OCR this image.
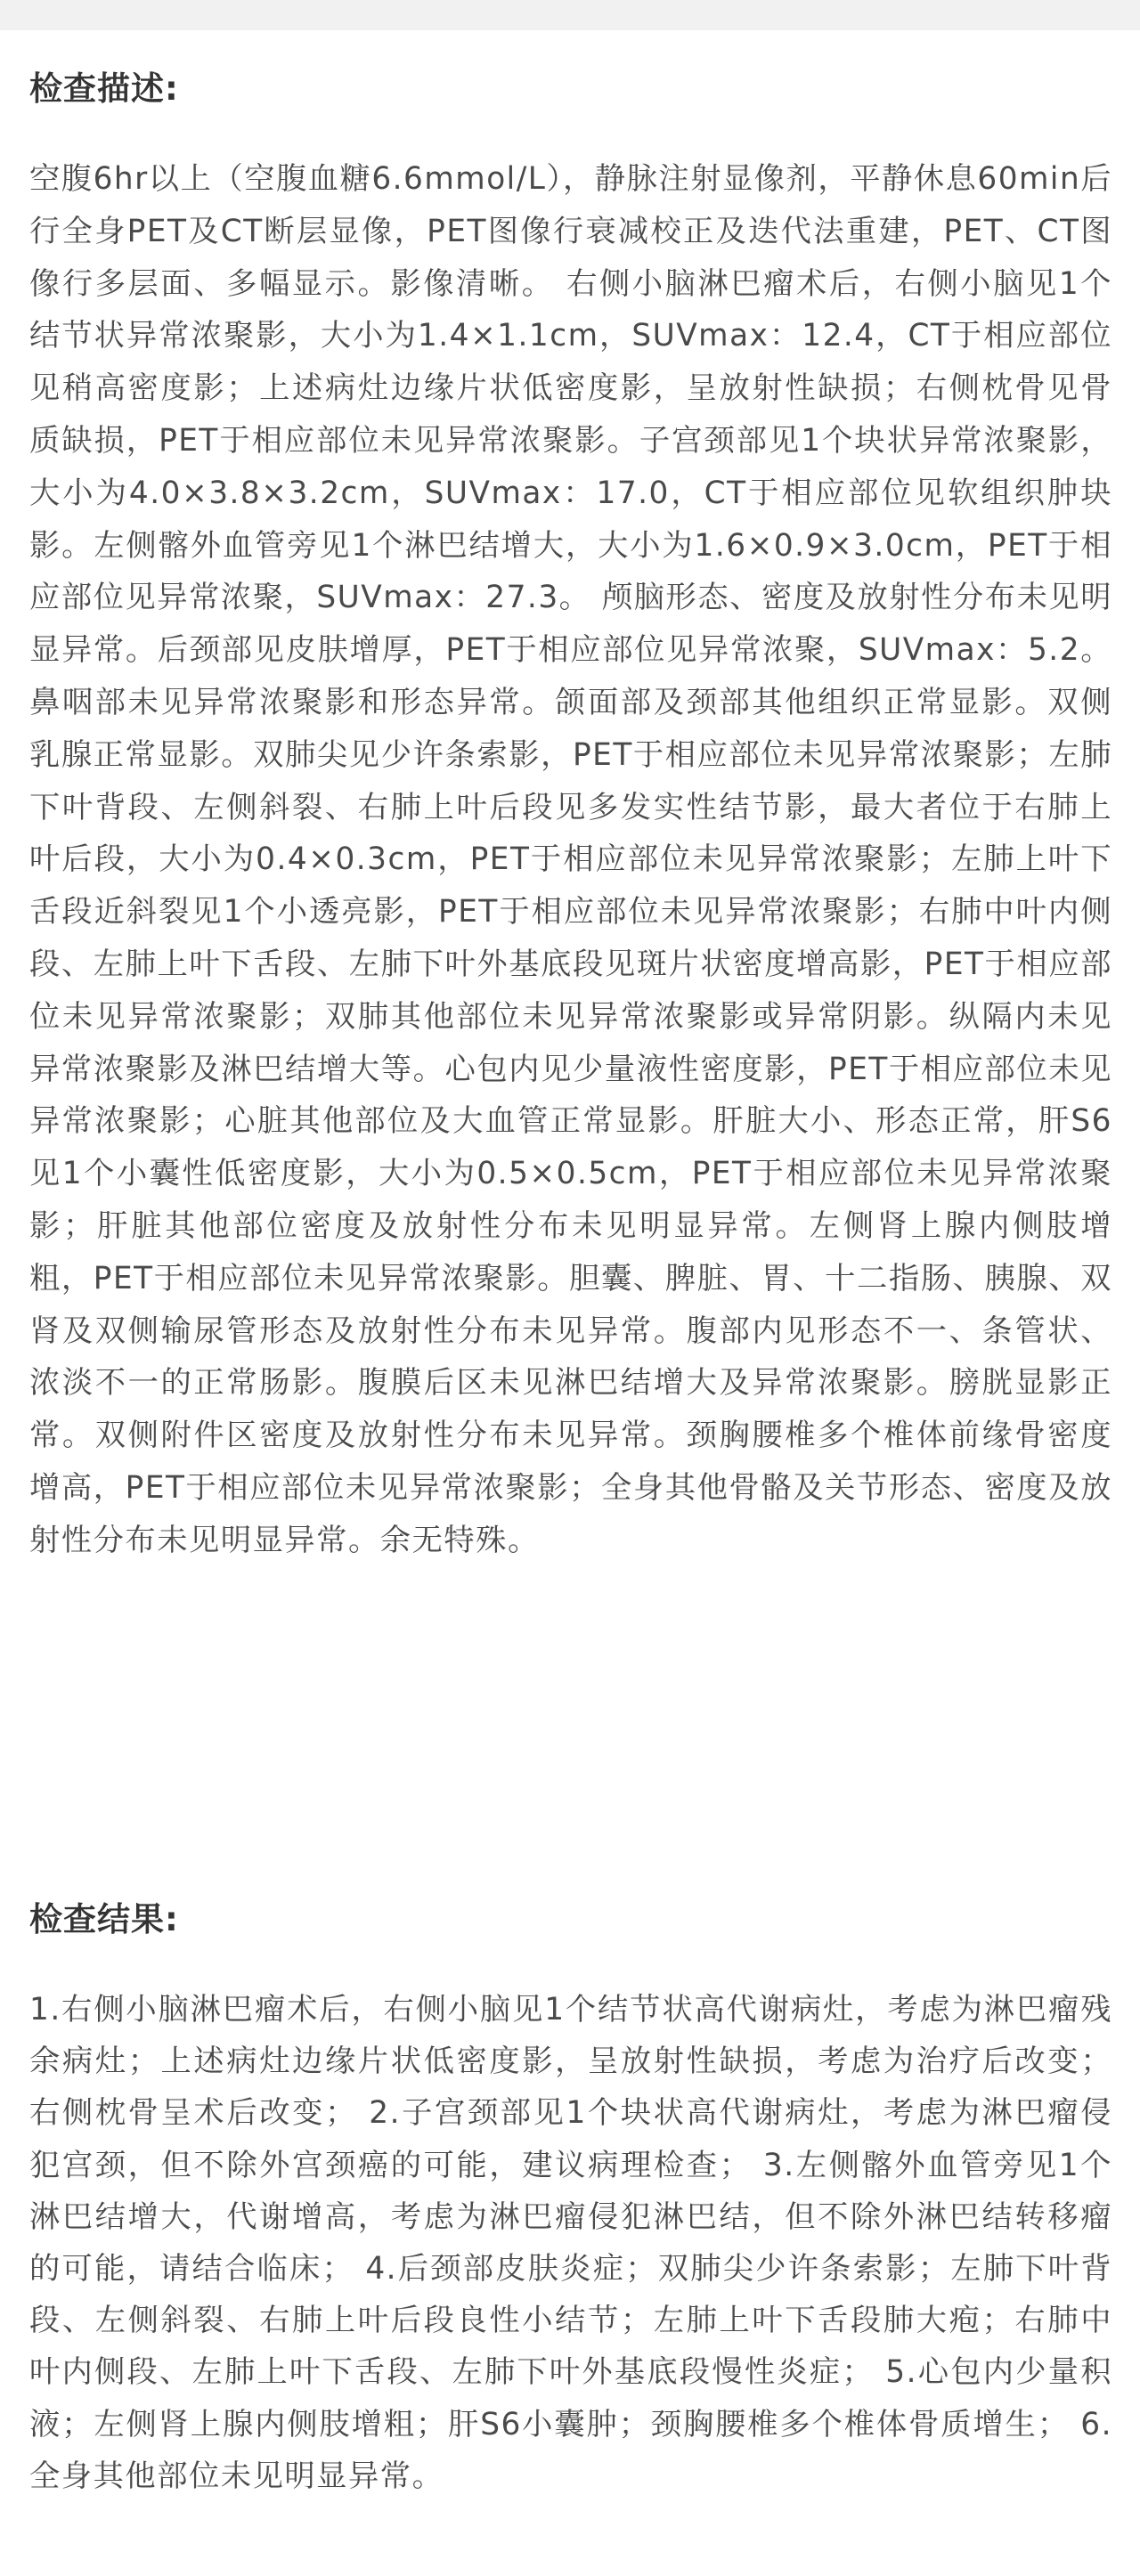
检查描述:

空腹6hr以上（空腹血糖6.6mmol/L），静脉注射显像剂，平静休息60min后行全身PET及CT断层显像，PET图像行衰减校正及迭代法重建，PET、CT图像行多层面、多幅显示。影像清晰。 右侧小脑淋巴瘤术后，右侧小脑见1个结节状异常浓聚影，大小为1.4×1.1cm，SUVmax：12.4，CT于相应部位见稍高密度影；上述病灶边缘片状低密度影，呈放射性缺损；右侧枕骨见骨质缺损，PET于相应部位未见异常浓聚影。子宫颈部见1个块状异常浓聚影，大小为4.0×3.8×3.2cm，SUVmax：17.0，CT于相应部位见软组织肿块影。左侧髂外血管旁见1个淋巴结增大，大小为1.6×0.9×3.0cm，PET于相应部位见异常浓聚，SUVmax：27.3。 颅脑形态、密度及放射性分布未见明显异常。后颈部见皮肤增厚，PET于相应部位见异常浓聚，SUVmax：5.2。鼻咽部未见异常浓聚影和形态异常。颌面部及颈部其他组织正常显影。双侧乳腺正常显影。双肺尖见少许条索影，PET于相应部位未见异常浓聚影；左肺下叶背段、左侧斜裂、右肺上叶后段见多发实性结节影，最大者位于右肺上叶后段，大小为0.4×0.3cm，PET于相应部位未见异常浓聚影；左肺上叶下舌段近斜裂见1个小透亮影，PET于相应部位未见异常浓聚影；右肺中叶内侧段、左肺上叶下舌段、左肺下叶外基底段见斑片状密度增高影，PET于相应部位未见异常浓聚影；双肺其他部位未见异常浓聚影或异常阴影。纵隔内未见异常浓聚影及淋巴结增大等。心包内见少量液性密度影，PET于相应部位未见异常浓聚影；心脏其他部位及大血管正常显影。肝脏大小、形态正常，肝S6见1个小囊性低密度影，大小为0.5×0.5cm，PET于相应部位未见异常浓聚影；肝脏其他部位密度及放射性分布未见明显异常。左侧肾上腺内侧肢增粗，PET于相应部位未见异常浓聚影。胆囊、脾脏、胃、十二指肠、胰腺、双肾及双侧输尿管形态及放射性分布未见异常。腹部内见形态不一、条管状、浓淡不一的正常肠影。腹膜后区未见淋巴结增大及异常浓聚影。膀胱显影正常。双侧附件区密度及放射性分布未见异常。颈胸腰椎多个椎体前缘骨密度增高，PET于相应部位未见异常浓聚影；全身其他骨骼及关节形态、密度及放射性分布未见明显异常。余无特殊。

检查结果:

1.右侧小脑淋巴瘤术后，右侧小脑见1个结节状高代谢病灶，考虑为淋巴瘤残余病灶；上述病灶边缘片状低密度影，呈放射性缺损，考虑为治疗后改变；右侧枕骨呈术后改变； 2.子宫颈部见1个块状高代谢病灶，考虑为淋巴瘤侵犯宫颈，但不除外宫颈癌的可能，建议病理检查； 3.左侧髂外血管旁见1个淋巴结增大，代谢增高，考虑为淋巴瘤侵犯淋巴结，但不除外淋巴结转移瘤的可能，请结合临床； 4.后颈部皮肤炎症；双肺尖少许条索影；左肺下叶背段、左侧斜裂、右肺上叶后段良性小结节；左肺上叶下舌段肺大疱；右肺中叶内侧段、左肺上叶下舌段、左肺下叶外基底段慢性炎症； 5.心包内少量积液；左侧肾上腺内侧肢增粗；肝S6小囊肿；颈胸腰椎多个椎体骨质增生； 6.全身其他部位未见明显异常。
